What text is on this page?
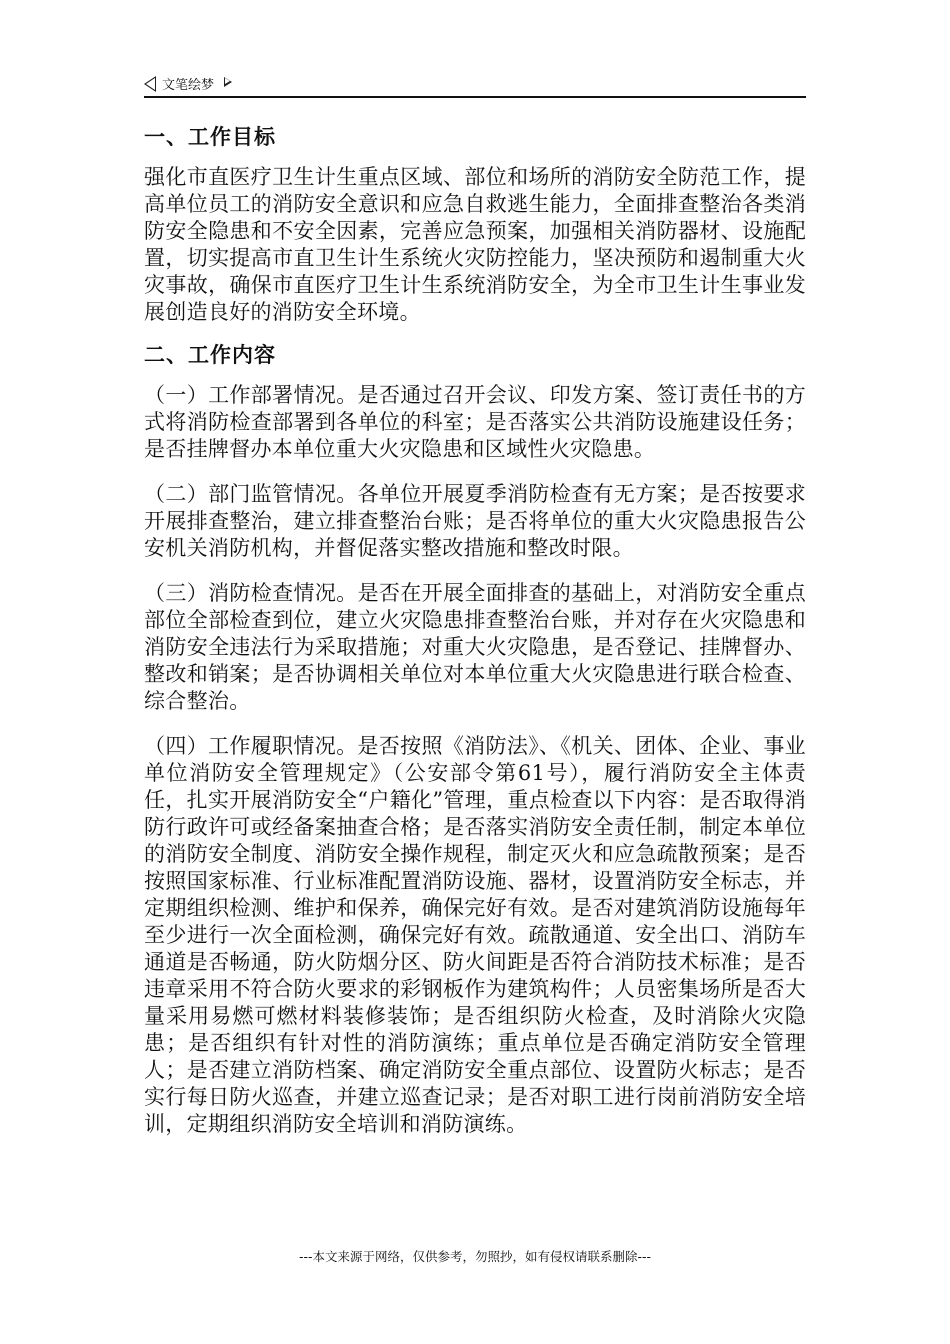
文笔绘梦
一、工作目标

强化市直医疗卫生计生重点区域、部位和场所的消防安全防范工作，提高单位员工的消防安全意识和应急自救逃生能力，全面排查整治各类消防安全隐患和不安全因素，完善应急预案，加强相关消防器材、设施配置，切实提高市直卫生计生系统火灾防控能力，坚决预防和遏制重大火灾事故，确保市直医疗卫生计生系统消防安全，为全市卫生计生事业发展创造良好的消防安全环境。

二、工作内容

（一）工作部署情况。是否通过召开会议、印发方案、签订责任书的方式将消防检查部署到各单位的科室；是否落实公共消防设施建设任务；是否挂牌督办本单位重大火灾隐患和区域性火灾隐患。

（二）部门监管情况。各单位开展夏季消防检查有无方案；是否按要求开展排查整治，建立排查整治台账；是否将单位的重大火灾隐患报告公安机关消防机构，并督促落实整改措施和整改时限。

（三）消防检查情况。是否在开展全面排查的基础上，对消防安全重点部位全部检查到位，建立火灾隐患排查整治台账，并对存在火灾隐患和消防安全违法行为采取措施；对重大火灾隐患，是否登记、挂牌督办、整改和销案；是否协调相关单位对本单位重大火灾隐患进行联合检查、综合整治。

（四）工作履职情况。是否按照《消防法》、《机关、团体、企业、事业单位消防安全管理规定》（公安部令第61号），履行消防安全主体责任，扎实开展消防安全“户籍化”管理，重点检查以下内容：是否取得消防行政许可或经备案抽查合格；是否落实消防安全责任制，制定本单位的消防安全制度、消防安全操作规程，制定灭火和应急疏散预案；是否按照国家标准、行业标准配置消防设施、器材，设置消防安全标志，并定期组织检测、维护和保养，确保完好有效。是否对建筑消防设施每年至少进行一次全面检测，确保完好有效。疏散通道、安全出口、消防车通道是否畅通，防火防烟分区、防火间距是否符合消防技术标准；是否违章采用不符合防火要求的彩钢板作为建筑构件；人员密集场所是否大量采用易燃可燃材料装修装饰；是否组织防火检查，及时消除火灾隐患；是否组织有针对性的消防演练；重点单位是否确定消防安全管理人；是否建立消防档案、确定消防安全重点部位、设置防火标志；是否实行每日防火巡查，并建立巡查记录；是否对职工进行岗前消防安全培训，定期组织消防安全培训和消防演练。

---本文来源于网络，仅供参考，勿照抄，如有侵权请联系删除---
